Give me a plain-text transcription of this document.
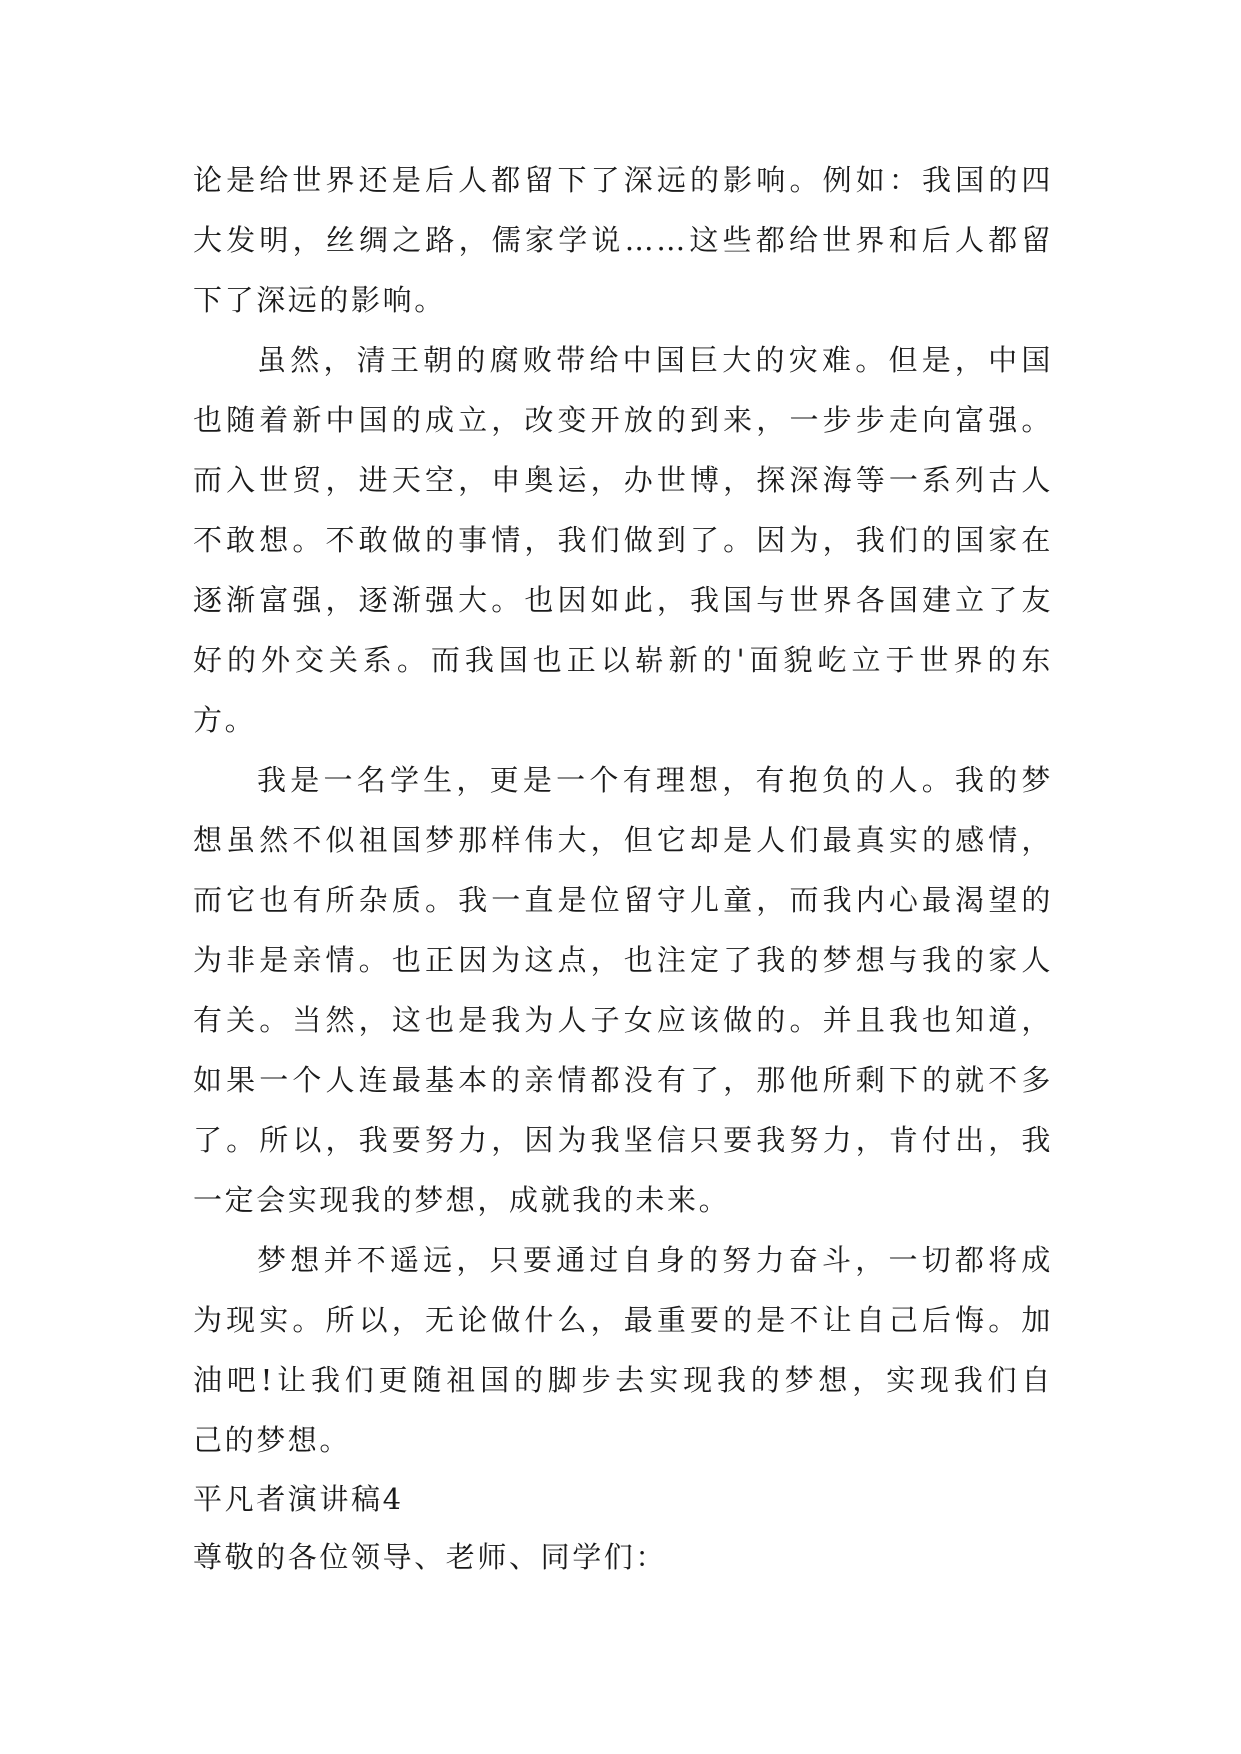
论是给世界还是后人都留下了深远的影响。例如：我国的四
大发明，丝绸之路，儒家学说……这些都给世界和后人都留
下了深远的影响。
虽然，清王朝的腐败带给中国巨大的灾难。但是，中国
也随着新中国的成立，改变开放的到来，一步步走向富强。
而入世贸，进天空，申奥运，办世博，探深海等一系列古人
不敢想。不敢做的事情，我们做到了。因为，我们的国家在
逐渐富强，逐渐强大。也因如此，我国与世界各国建立了友
好的外交关系。而我国也正以崭新的'面貌屹立于世界的东
方。
我是一名学生，更是一个有理想，有抱负的人。我的梦
想虽然不似祖国梦那样伟大，但它却是人们最真实的感情，
而它也有所杂质。我一直是位留守儿童，而我内心最渴望的
为非是亲情。也正因为这点，也注定了我的梦想与我的家人
有关。当然，这也是我为人子女应该做的。并且我也知道，
如果一个人连最基本的亲情都没有了，那他所剩下的就不多
了。所以，我要努力，因为我坚信只要我努力，肯付出，我
一定会实现我的梦想，成就我的未来。
梦想并不遥远，只要通过自身的努力奋斗，一切都将成
为现实。所以，无论做什么，最重要的是不让自己后悔。加
油吧!让我们更随祖国的脚步去实现我的梦想，实现我们自
己的梦想。
平凡者演讲稿4
尊敬的各位领导、老师、同学们：
